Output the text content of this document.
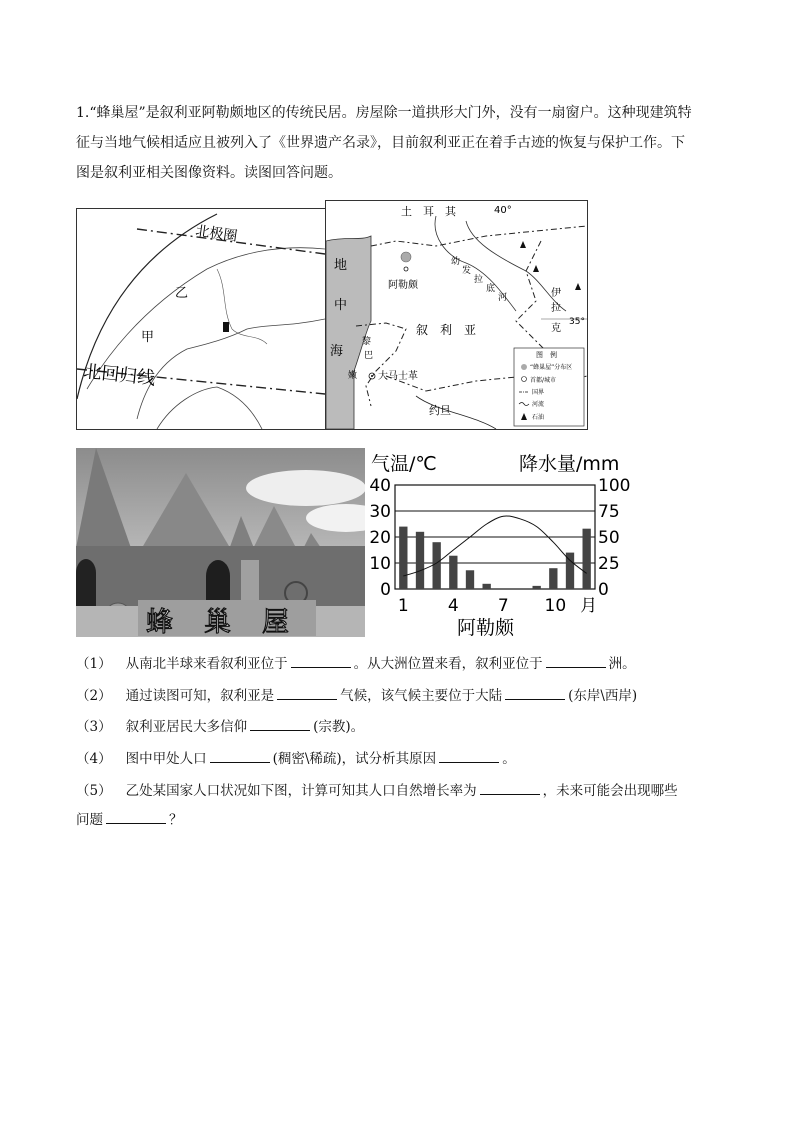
1.“蜂巢屋”是叙利亚阿勒颇地区的传统民居。房屋除一道拱形大门外，没有一扇窗户。这种现建筑特
征与当地气候相适应且被列入了《世界遗产名录》，目前叙利亚正在着手古迹的恢复与保护工作。下
图是叙利亚相关图像资料。读图回答问题。
北极圈
北回归线
乙
甲
土　耳　其	40°
35°
地
中
海
阿勒颇
幼
发
拉
底
河	伊
拉
克
叙　利　亚
黎
巴
嫩 大马士革
约旦
图　例
“蜂巢屋”分布区
首都/城市
国界
河流
石油
蜂　巢　屋
气温/℃	降水量/mm
40
30
20
10
0
100
75
50
25
0
1 4 7 10 月
阿勒颇
（1） 从南北半球来看叙利亚位于	。从大洲位置来看，叙利亚位于	洲。
（2） 通过读图可知，叙利亚是	气候，该气候主要位于大陆	(东岸\西岸)
（3） 叙利亚居民大多信仰	(宗教)。
（4） 图中甲处人口	(稠密\稀疏)，试分析其原因	。
（5） 乙处某国家人口状况如下图，计算可知其人口自然增长率为	，未来可能会出现哪些
问题	？
